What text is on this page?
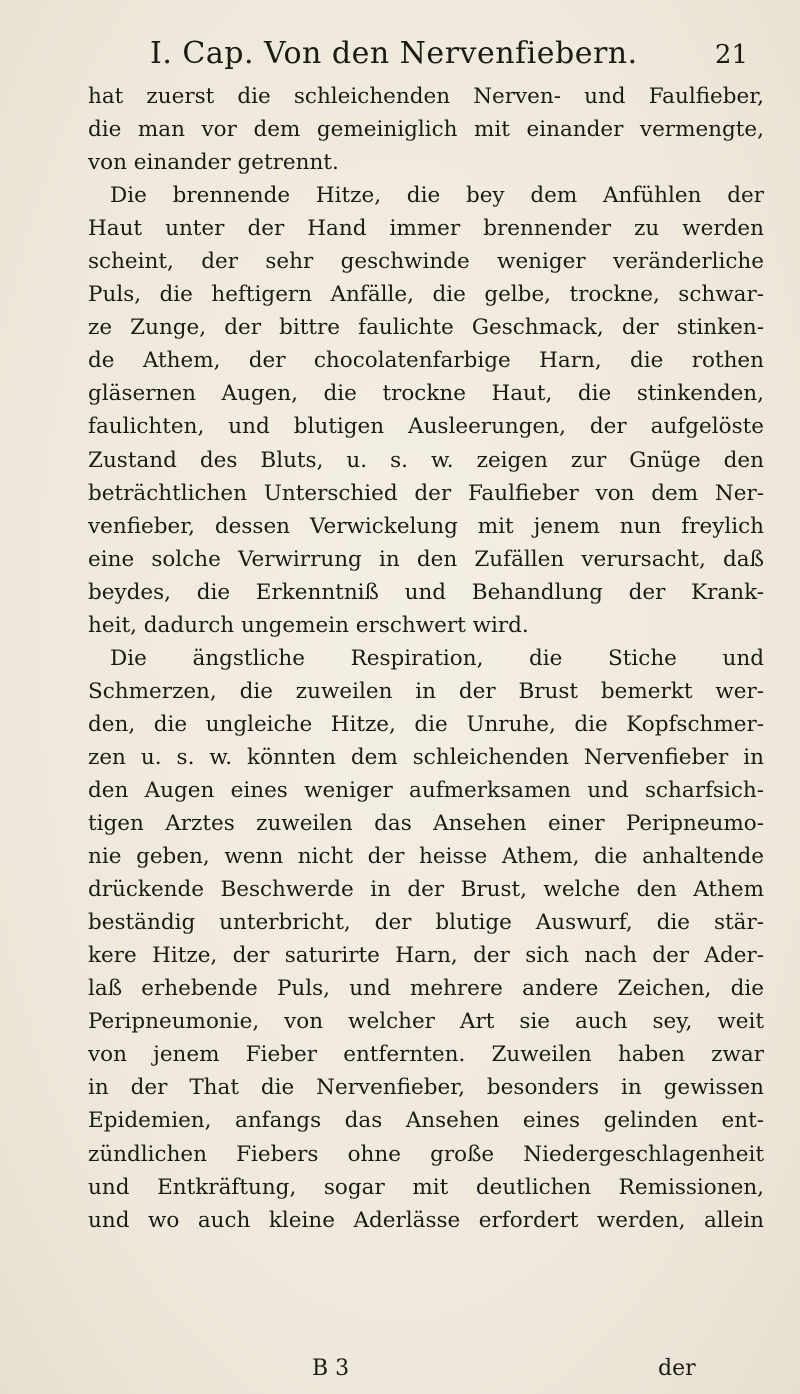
I. Cap. Von den Nervenfiebern.	21
hat zuerst die schleichenden Nerven- und Faulfieber,
die man vor dem gemeiniglich mit einander vermengte,
von einander getrennt.
Die brennende Hitze, die bey dem Anfühlen der
Haut unter der Hand immer brennender zu werden
scheint, der sehr geschwinde weniger veränderliche
Puls, die heftigern Anfälle, die gelbe, trockne, schwar-
ze Zunge, der bittre faulichte Geschmack, der stinken-
de Athem, der chocolatenfarbige Harn, die rothen
gläsernen Augen, die trockne Haut, die stinkenden,
faulichten, und blutigen Ausleerungen, der aufgelöste
Zustand des Bluts, u. s. w. zeigen zur Gnüge den
beträchtlichen Unterschied der Faulfieber von dem Ner-
venfieber, dessen Verwickelung mit jenem nun freylich
eine solche Verwirrung in den Zufällen verursacht, daß
beydes, die Erkenntniß und Behandlung der Krank-
heit, dadurch ungemein erschwert wird.
Die ängstliche Respiration, die Stiche und
Schmerzen, die zuweilen in der Brust bemerkt wer-
den, die ungleiche Hitze, die Unruhe, die Kopfschmer-
zen u. s. w. könnten dem schleichenden Nervenfieber in
den Augen eines weniger aufmerksamen und scharfsich-
tigen Arztes zuweilen das Ansehen einer Peripneumo-
nie geben, wenn nicht der heisse Athem, die anhaltende
drückende Beschwerde in der Brust, welche den Athem
beständig unterbricht, der blutige Auswurf, die stär-
kere Hitze, der saturirte Harn, der sich nach der Ader-
laß erhebende Puls, und mehrere andere Zeichen, die
Peripneumonie, von welcher Art sie auch sey, weit
von jenem Fieber entfernten. Zuweilen haben zwar
in der That die Nervenfieber, besonders in gewissen
Epidemien, anfangs das Ansehen eines gelinden ent-
zündlichen Fiebers ohne große Niedergeschlagenheit
und Entkräftung, sogar mit deutlichen Remissionen,
und wo auch kleine Aderlässe erfordert werden, allein
B 3	der
